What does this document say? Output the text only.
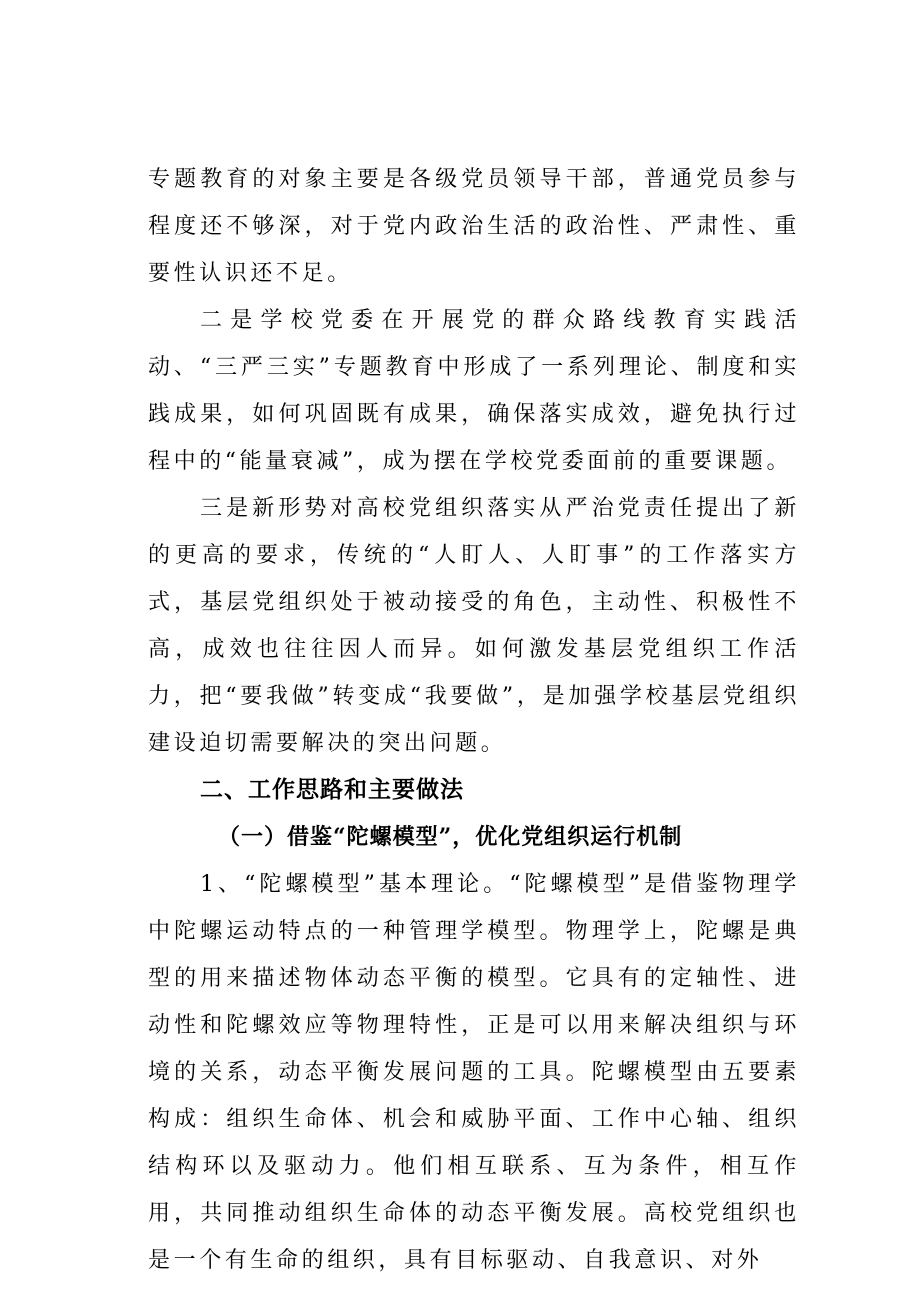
专题教育的对象主要是各级党员领导干部，普通党员参与程度还不够深，对于党内政治生活的政治性、严肃性、重要性认识还不足。

二是学校党委在开展党的群众路线教育实践活动、“三严三实”专题教育中形成了一系列理论、制度和实践成果，如何巩固既有成果，确保落实成效，避免执行过程中的“能量衰减”，成为摆在学校党委面前的重要课题。

三是新形势对高校党组织落实从严治党责任提出了新的更高的要求，传统的“人盯人、人盯事”的工作落实方式，基层党组织处于被动接受的角色，主动性、积极性不高，成效也往往因人而异。如何激发基层党组织工作活力，把“要我做”转变成“我要做”，是加强学校基层党组织建设迫切需要解决的突出问题。

二、工作思路和主要做法
（一）借鉴“陀螺模型”，优化党组织运行机制

1、“陀螺模型”基本理论。“陀螺模型”是借鉴物理学中陀螺运动特点的一种管理学模型。物理学上，陀螺是典型的用来描述物体动态平衡的模型。它具有的定轴性、进动性和陀螺效应等物理特性，正是可以用来解决组织与环境的关系，动态平衡发展问题的工具。陀螺模型由五要素构成：组织生命体、机会和威胁平面、工作中心轴、组织结构环以及驱动力。他们相互联系、互为条件，相互作用，共同推动组织生命体的动态平衡发展。高校党组织也是一个有生命的组织，具有目标驱动、自我意识、对外
